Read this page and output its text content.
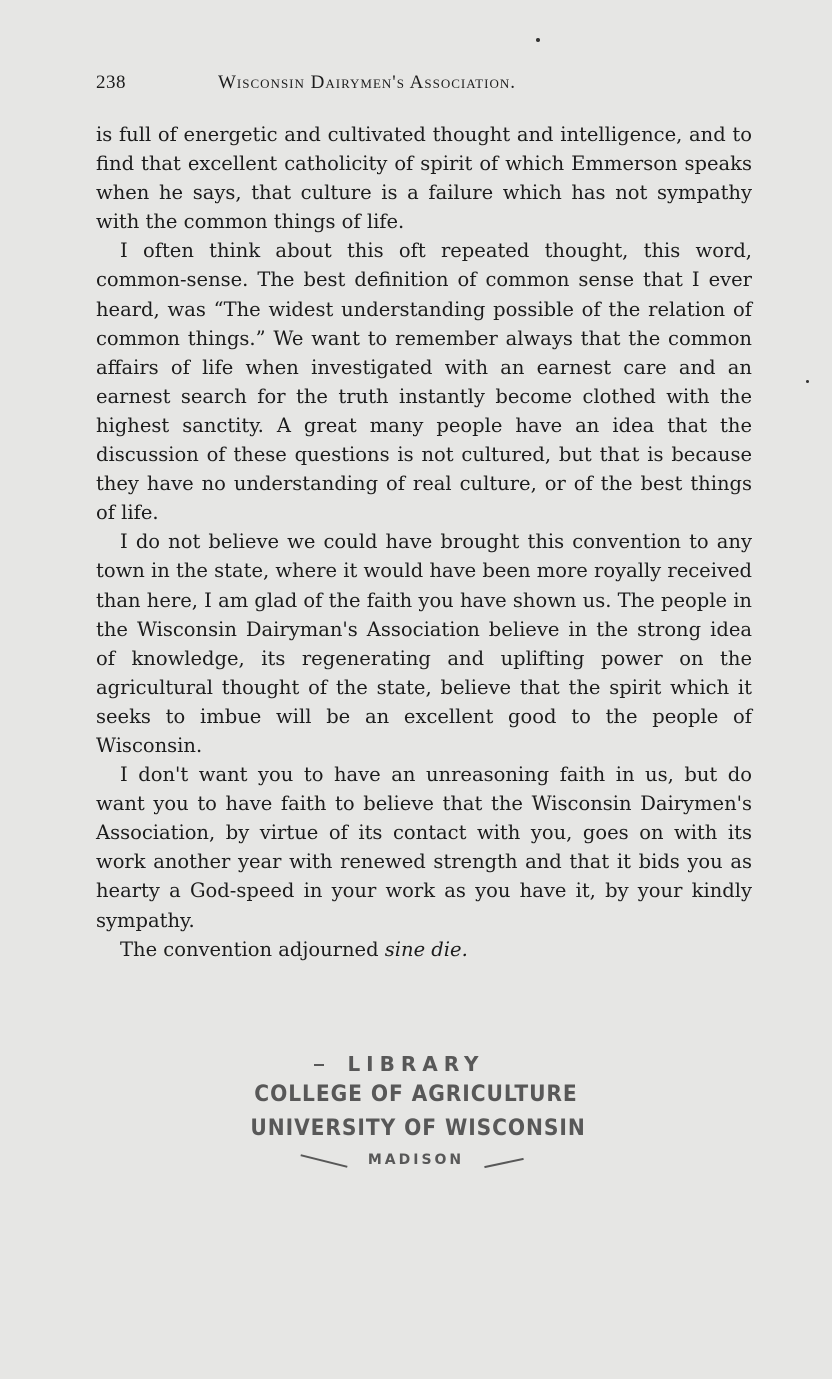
238	Wisconsin Dairymen's Association.

is full of energetic and cultivated thought and intelligence, and to find that excellent catholicity of spirit of which Emmerson speaks when he says, that culture is a failure which has not sympathy with the common things of life.

I often think about this oft repeated thought, this word, common-sense. The best definition of common sense that I ever heard, was “The widest understanding possible of the relation of common things.” We want to remember always that the common affairs of life when investigated with an earnest care and an earnest search for the truth instantly become clothed with the highest sanctity. A great many people have an idea that the discussion of these questions is not cultured, but that is because they have no understanding of real culture, or of the best things of life.

I do not believe we could have brought this convention to any town in the state, where it would have been more royally received than here, I am glad of the faith you have shown us. The people in the Wisconsin Dairyman's Association believe in the strong idea of knowledge, its regenerating and uplifting power on the agricultural thought of the state, believe that the spirit which it seeks to imbue will be an excellent good to the people of Wisconsin.

I don't want you to have an unreasoning faith in us, but do want you to have faith to believe that the Wisconsin Dairymen's Association, by virtue of its contact with you, goes on with its work another year with renewed strength and that it bids you as hearty a God-speed in your work as you have it, by your kindly sympathy.

The convention adjourned sine die.

LIBRARY
COLLEGE OF AGRICULTURE
UNIVERSITY OF WISCONSIN
MADISON
